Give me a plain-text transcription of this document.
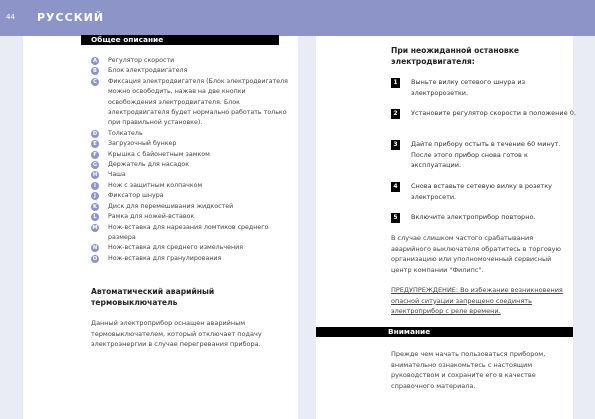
44 РУССКИЙ
Общее описание
A	Регулятор скорости
B	Блок электродвигателя
C	Фиксация электродвигателя (Блок электродвигателя можно освободить, нажав на две кнопки освобождения электродвигателя. Блок электродвигателя будет нормально работать только при правильной установке).
D Толкатель
E	Загрузочный бункер
F	Крышка с байонетным замком
G Держатель для насадок
H Чаша
I	Нож с защитным колпачком
J	Фиксатор шнура
K	Диск для перемешивания жидкостей
L	Рамка для ножей-вставок
M Нож-вставка для нарезания ломтиков среднего размера
N Нож-вставка для среднего измельчения
O Нож-вставка для гранулирования
Автоматический аварийный термовыключатель
Данный электроприбор оснащен аварийным термовыключателем, который отключает подачу электроэнергии в случае перегревания прибора.
При неожиданной остановке электродвигателя:
1	Выньте вилку сетевого шнура из электророзетки.
2	Установите регулятор скорости в положение 0.
3	Дайте прибору остыть в течение 60 минут. После этого прибор снова готов к эксплуатации.
4	Снова вставьте сетевую вилку в розетку электросети.
5	Включите электроприбор повторно.
В случае слишком частого срабатывания аварийного выключателя обратитесь в торговую организацию или уполномоченный сервисный центр компании "Филипс".
ПРЕДУПРЕЖДЕНИЕ: Во избежание возникновения опасной ситуации запрещено соединять электроприбор с реле времени.
Внимание
Прежде чем начать пользоваться прибором, внимательно ознакомьтесь с настоящим руководством и сохраните его в качестве справочного материала.
